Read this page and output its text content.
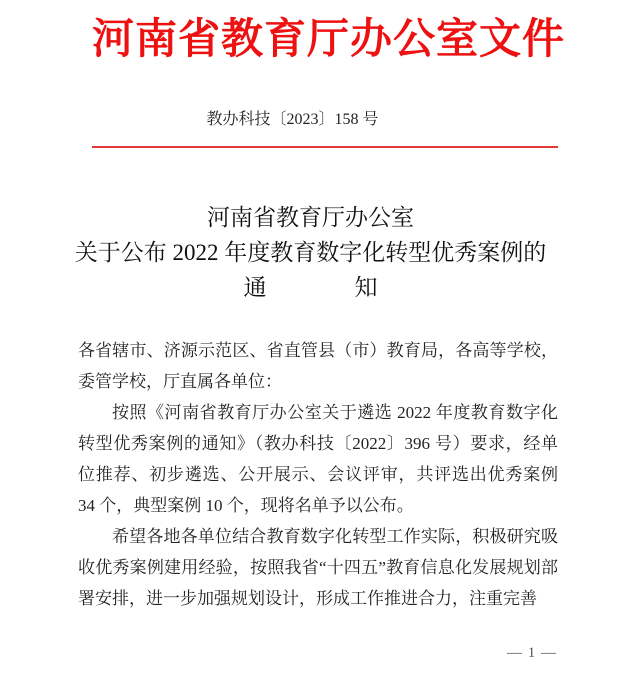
河南省教育厅办公室文件
教办科技〔2023〕158 号
河南省教育厅办公室
关于公布 2022 年度教育数字化转型优秀案例的
通	知

各省辖市、济源示范区、省直管县（市）教育局，各高等学校，委管学校，厅直属各单位：

按照《河南省教育厅办公室关于遴选 2022 年度教育数字化转型优秀案例的通知》（教办科技〔2022〕396 号）要求，经单位推荐、初步遴选、公开展示、会议评审，共评选出优秀案例 34 个，典型案例 10 个，现将名单予以公布。

希望各地各单位结合教育数字化转型工作实际，积极研究吸收优秀案例建用经验，按照我省“十四五”教育信息化发展规划部署安排，进一步加强规划设计，形成工作推进合力，注重完善

— 1 —
